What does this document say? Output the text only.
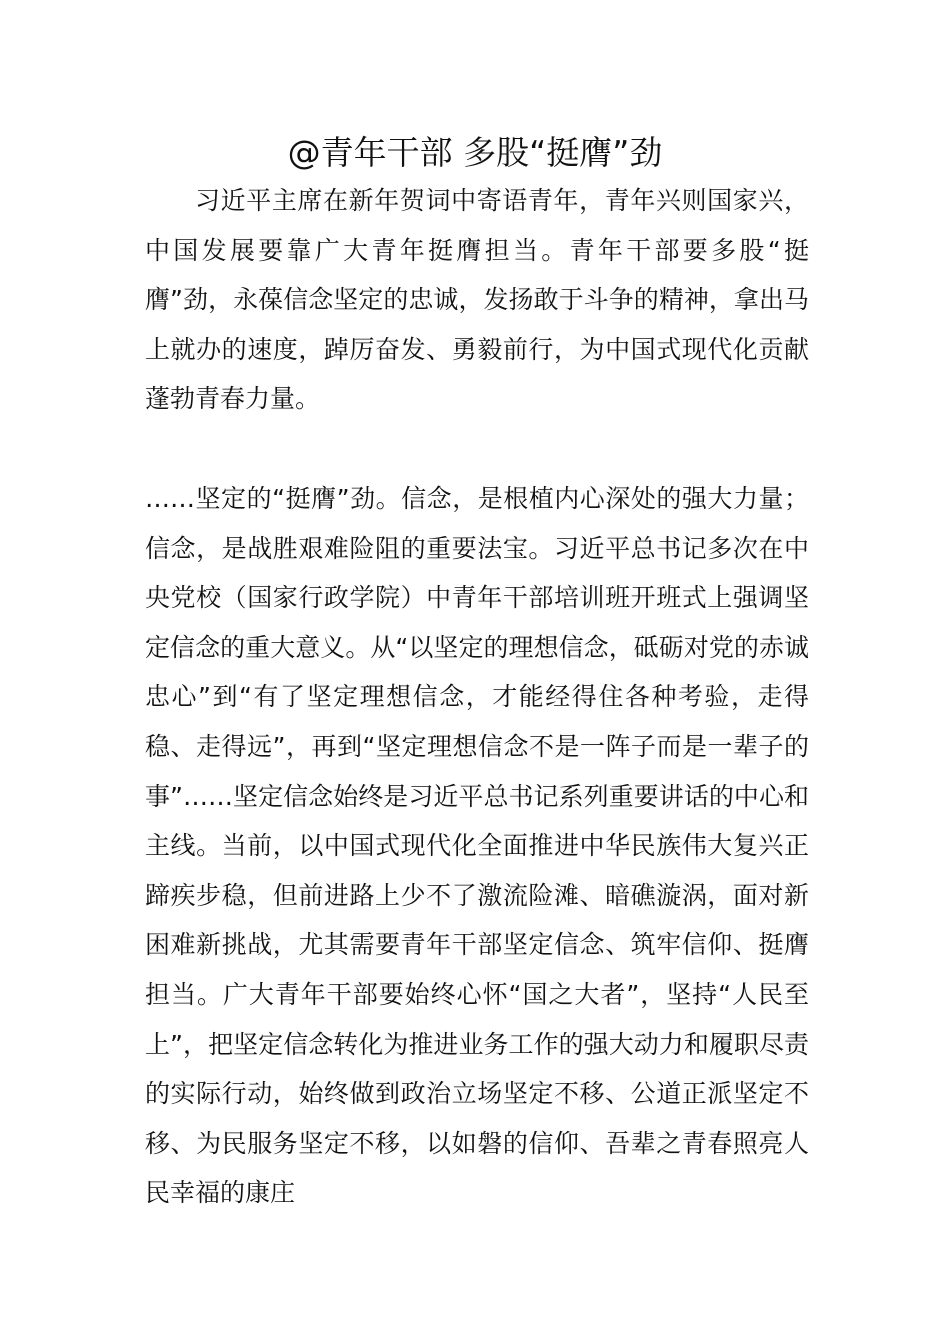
@青年干部 多股“挺膺”劲

习近平主席在新年贺词中寄语青年，青年兴则国家兴，中国发展要靠广大青年挺膺担当。青年干部要多股“挺膺”劲，永葆信念坚定的忠诚，发扬敢于斗争的精神，拿出马上就办的速度，踔厉奋发、勇毅前行，为中国式现代化贡献蓬勃青春力量。

……坚定的“挺膺”劲。信念，是根植内心深处的强大力量；信念，是战胜艰难险阻的重要法宝。习近平总书记多次在中央党校（国家行政学院）中青年干部培训班开班式上强调坚定信念的重大意义。从“以坚定的理想信念，砥砺对党的赤诚忠心”到“有了坚定理想信念，才能经得住各种考验，走得稳、走得远”，再到“坚定理想信念不是一阵子而是一辈子的事”……坚定信念始终是习近平总书记系列重要讲话的中心和主线。当前，以中国式现代化全面推进中华民族伟大复兴正蹄疾步稳，但前进路上少不了激流险滩、暗礁漩涡，面对新困难新挑战，尤其需要青年干部坚定信念、筑牢信仰、挺膺担当。广大青年干部要始终心怀“国之大者”，坚持“人民至上”，把坚定信念转化为推进业务工作的强大动力和履职尽责的实际行动，始终做到政治立场坚定不移、公道正派坚定不移、为民服务坚定不移，以如磐的信仰、吾辈之青春照亮人民幸福的康庄
